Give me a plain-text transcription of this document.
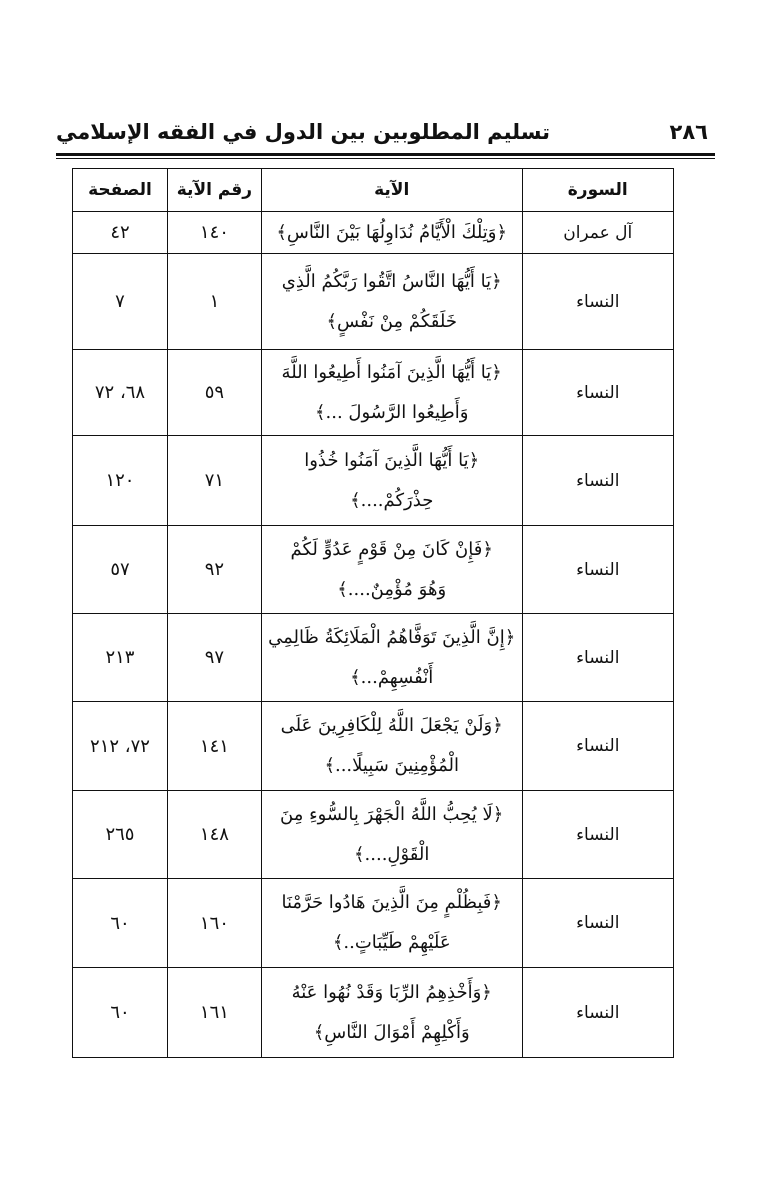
٢٨٦
تسليم المطلوبين بين الدول في الفقه الإسلامي
السورة	الآية	رقم الآية	الصفحة
آل عمران	﴿وَتِلْكَ الْأَيَّامُ نُدَاوِلُهَا بَيْنَ النَّاسِ﴾	١٤٠	٤٢
النساء	﴿يَا أَيُّهَا النَّاسُ اتَّقُوا رَبَّكُمُ الَّذِي
خَلَقَكُمْ مِنْ نَفْسٍ﴾	١	٧
النساء	﴿يَا أَيُّهَا الَّذِينَ آمَنُوا أَطِيعُوا اللَّهَ
وَأَطِيعُوا الرَّسُولَ ...﴾	٥٩	٦٨، ٧٢
النساء	﴿يَا أَيُّهَا الَّذِينَ آمَنُوا خُذُوا
حِذْرَكُمْ....﴾	٧١	١٢٠
النساء	﴿فَإِنْ كَانَ مِنْ قَوْمٍ عَدُوٍّ لَكُمْ
وَهُوَ مُؤْمِنٌ....﴾	٩٢	٥٧
النساء	﴿إِنَّ الَّذِينَ تَوَفَّاهُمُ الْمَلَائِكَةُ ظَالِمِي
أَنْفُسِهِمْ...﴾	٩٧	٢١٣
النساء	﴿وَلَنْ يَجْعَلَ اللَّهُ لِلْكَافِرِينَ عَلَى
الْمُؤْمِنِينَ سَبِيلًا...﴾	١٤١	٧٢، ٢١٢
النساء	﴿لَا يُحِبُّ اللَّهُ الْجَهْرَ بِالسُّوءِ مِنَ
الْقَوْلِ....﴾	١٤٨	٢٦٥
النساء	﴿فَبِظُلْمٍ مِنَ الَّذِينَ هَادُوا حَرَّمْنَا
عَلَيْهِمْ طَيِّبَاتٍ..﴾	١٦٠	٦٠
النساء	﴿وَأَخْذِهِمُ الرِّبَا وَقَدْ نُهُوا عَنْهُ
وَأَكْلِهِمْ أَمْوَالَ النَّاسِ﴾	١٦١	٦٠
